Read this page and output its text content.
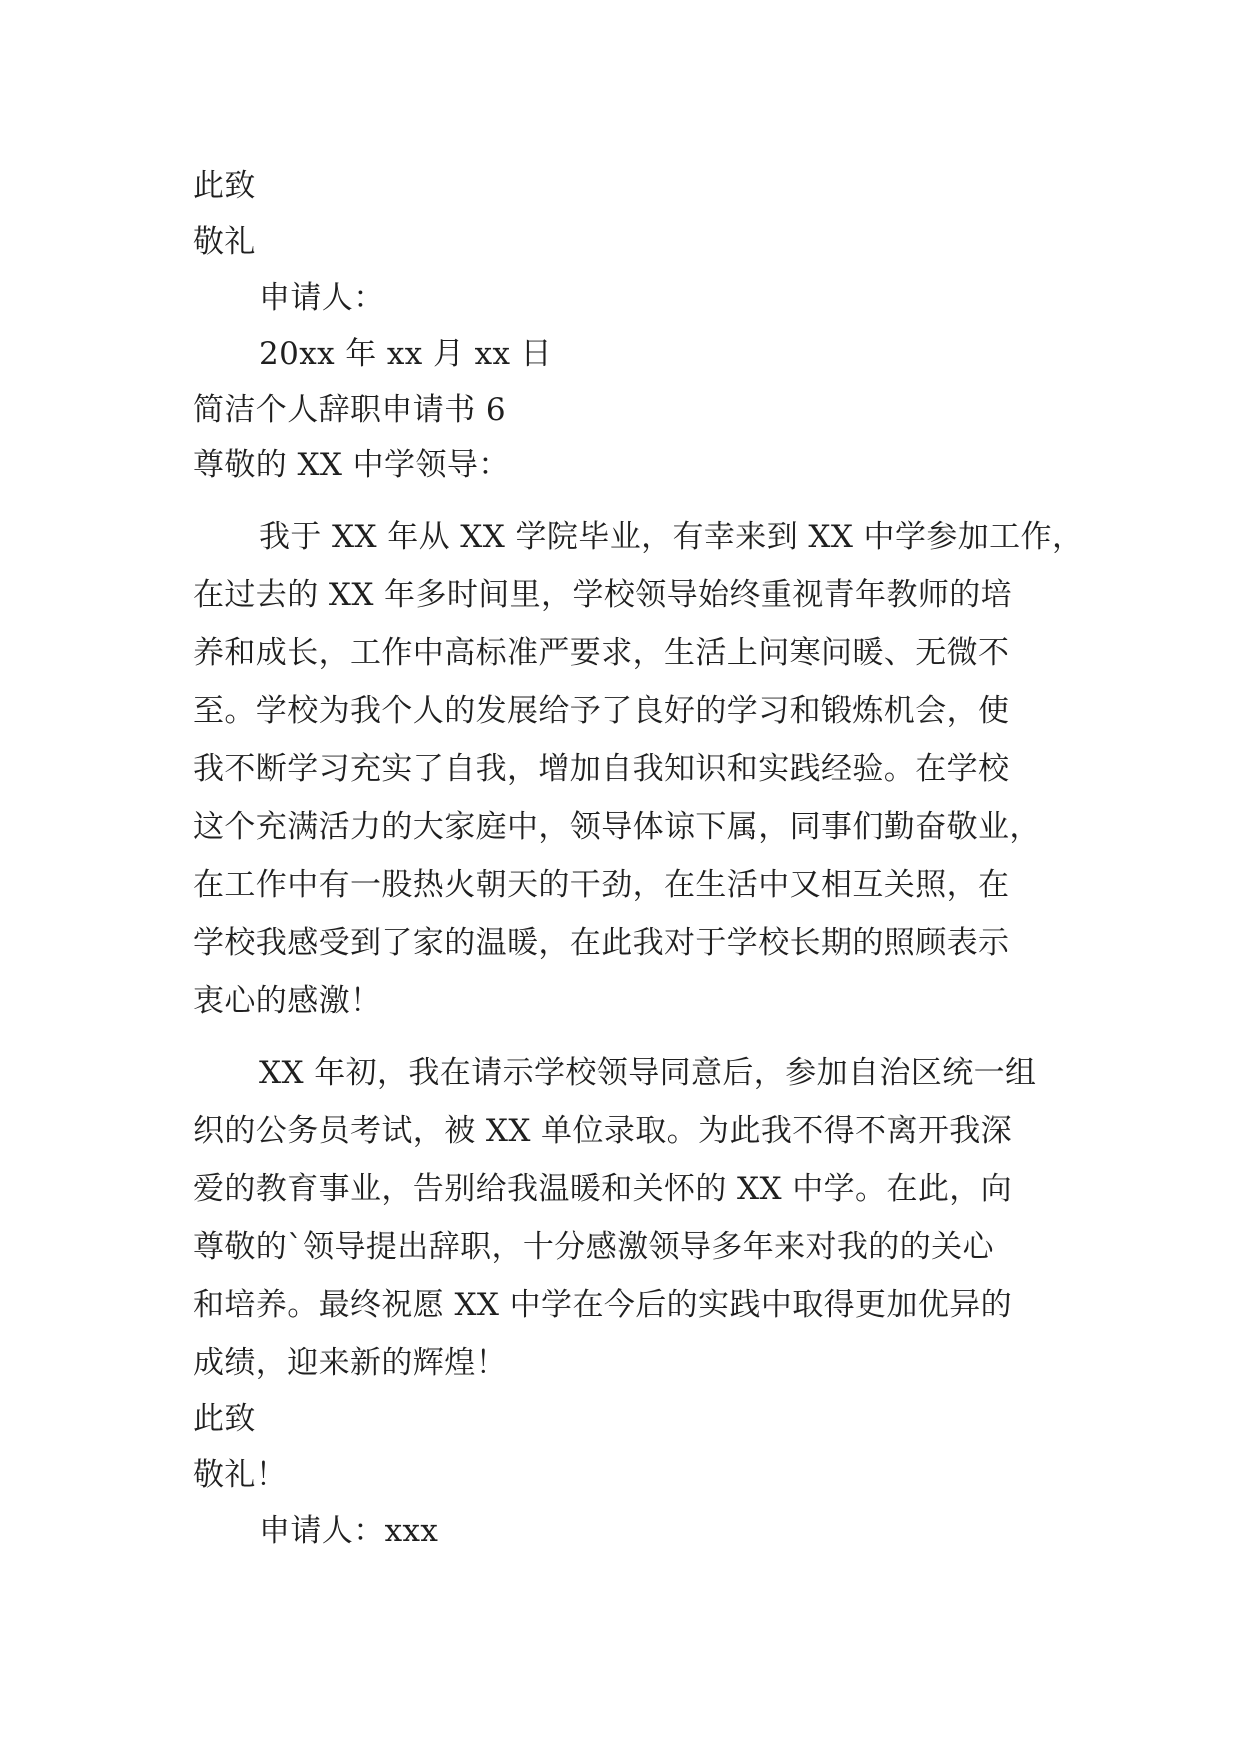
此致
敬礼
申请人：
20xx 年 xx 月 xx 日
简洁个人辞职申请书 6
尊敬的 XX 中学领导：
我于 XX 年从 XX 学院毕业，有幸来到 XX 中学参加工作，
在过去的 XX 年多时间里，学校领导始终重视青年教师的培
养和成长，工作中高标准严要求，生活上问寒问暖、无微不
至。学校为我个人的发展给予了良好的学习和锻炼机会，使
我不断学习充实了自我，增加自我知识和实践经验。在学校
这个充满活力的大家庭中，领导体谅下属，同事们勤奋敬业，
在工作中有一股热火朝天的干劲，在生活中又相互关照，在
学校我感受到了家的温暖，在此我对于学校长期的照顾表示
衷心的感激！
XX 年初，我在请示学校领导同意后，参加自治区统一组
织的公务员考试，被 XX 单位录取。为此我不得不离开我深
爱的教育事业，告别给我温暖和关怀的 XX 中学。在此，向
尊敬的`领导提出辞职，十分感激领导多年来对我的的关心
和培养。最终祝愿 XX 中学在今后的实践中取得更加优异的
成绩，迎来新的辉煌！
此致
敬礼！
申请人：xxx
